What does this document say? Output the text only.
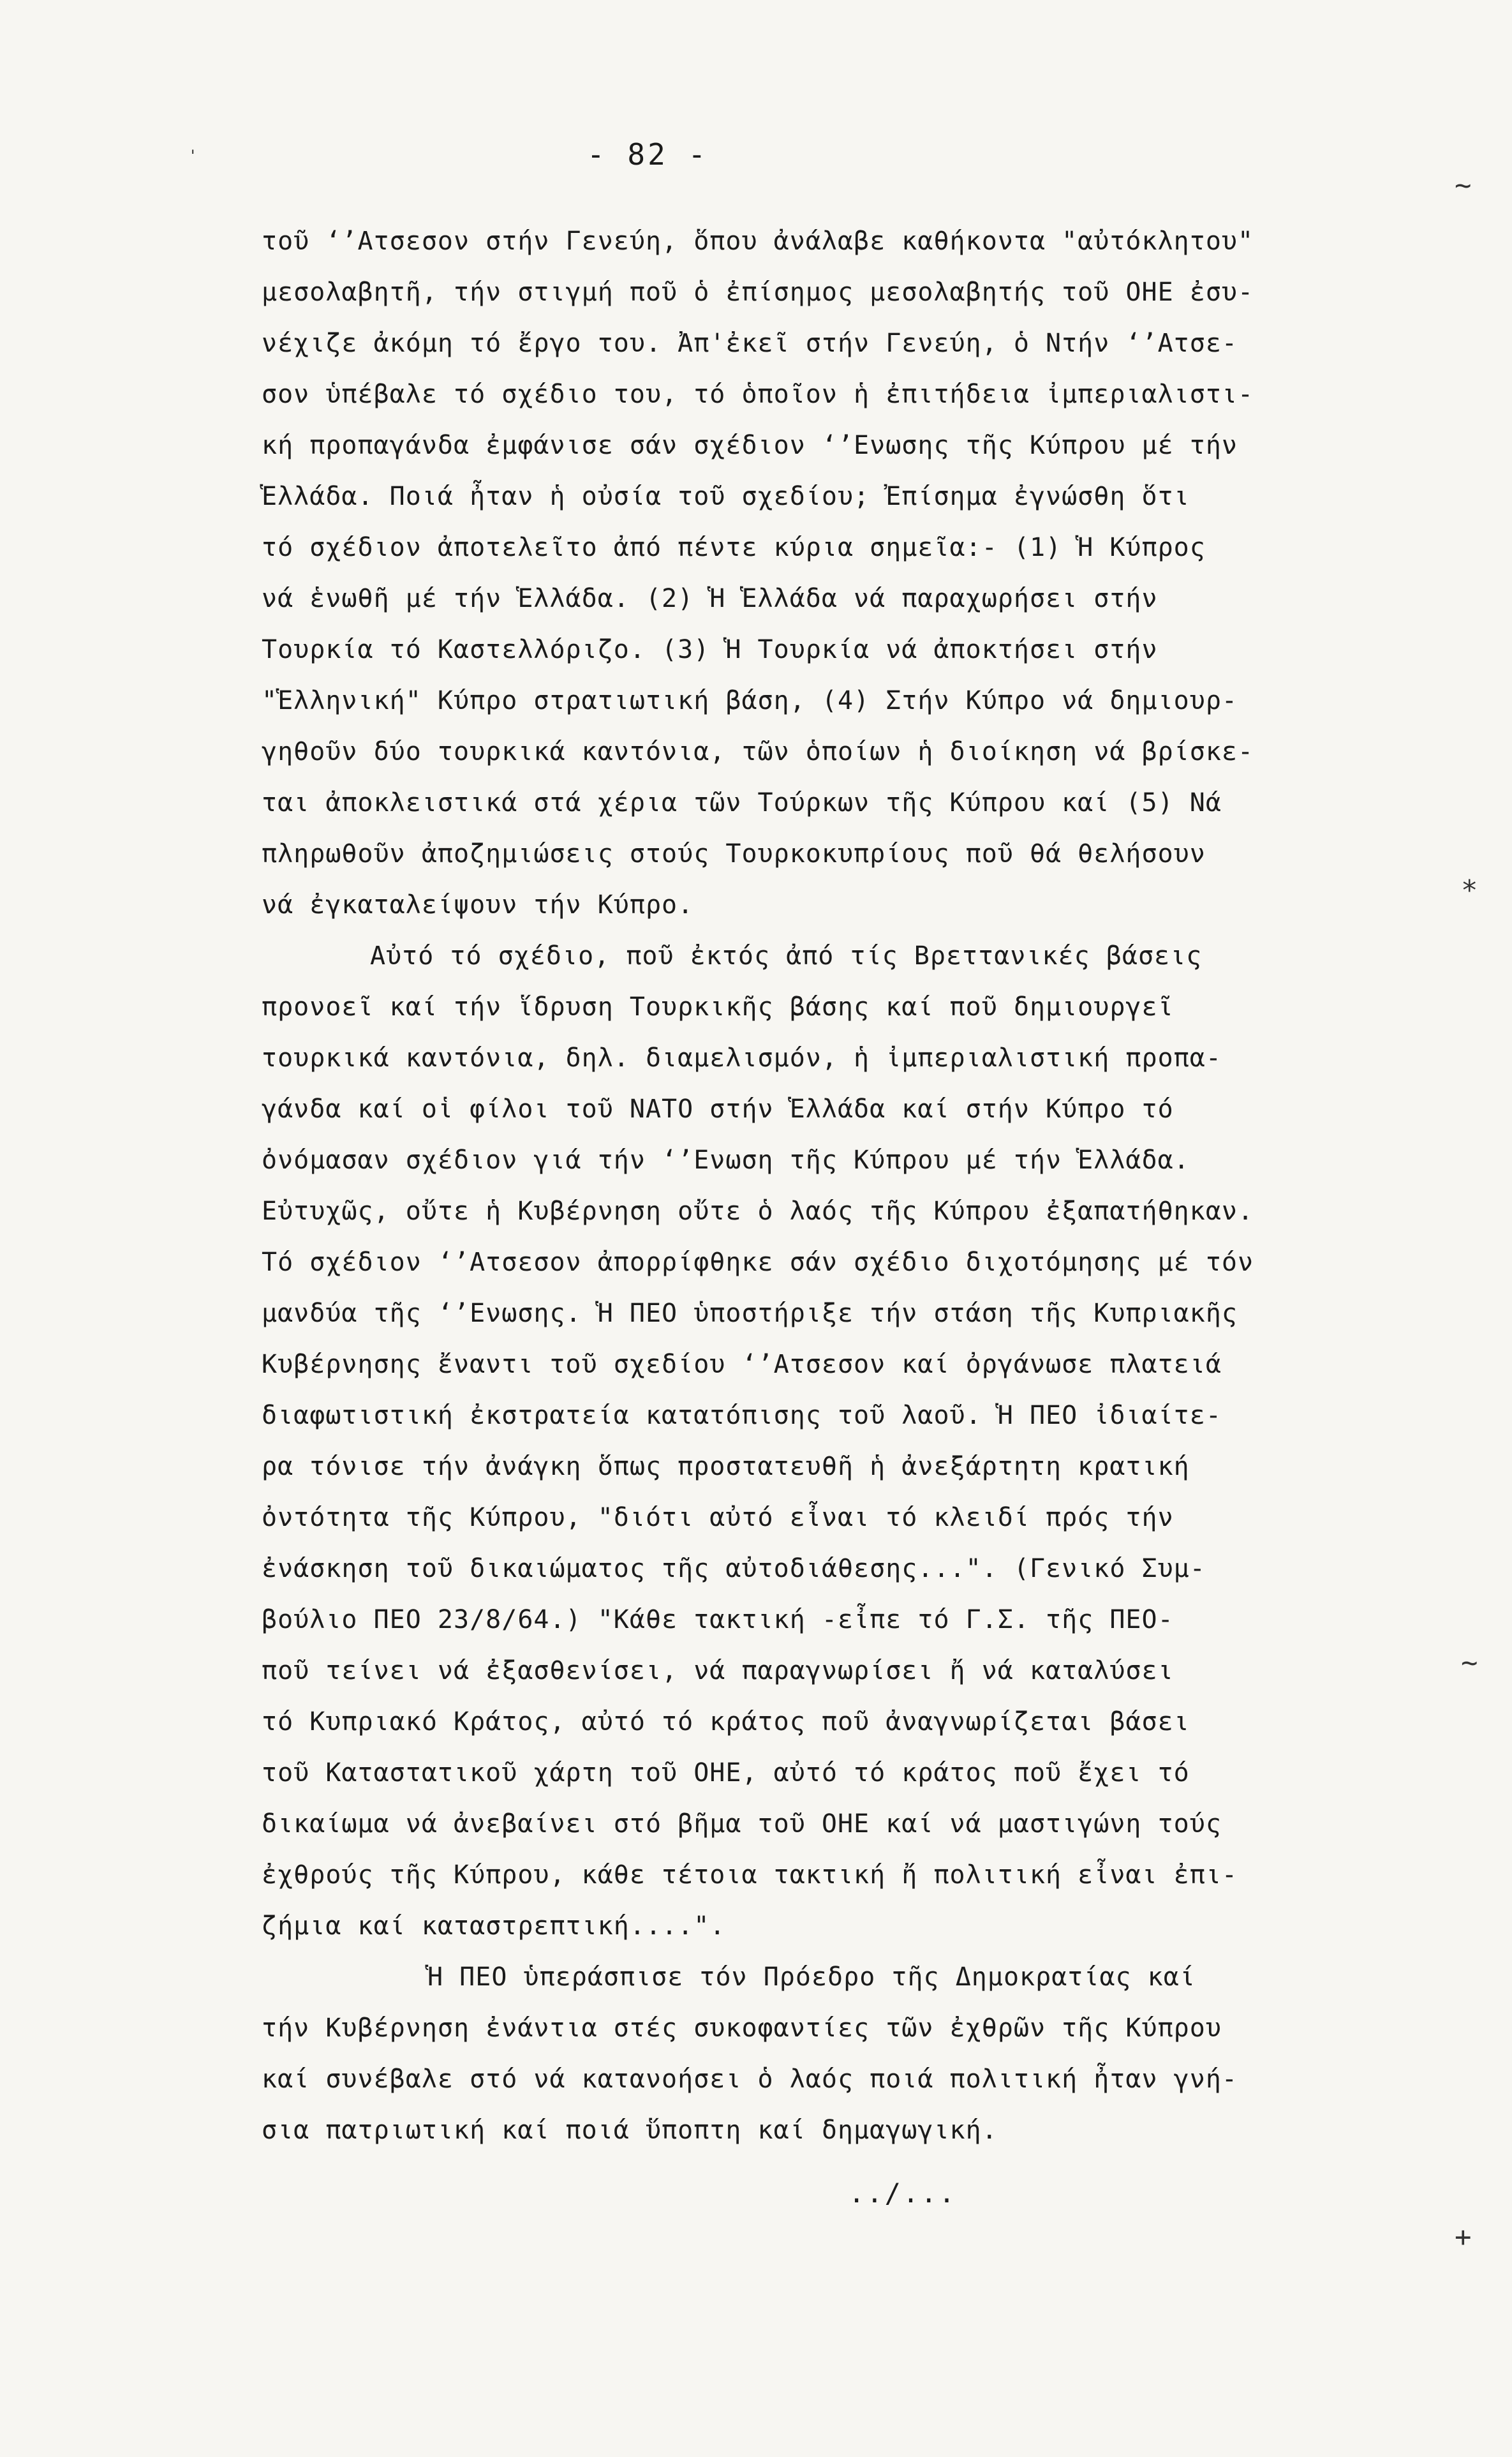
- 82 -
τοῦ ‘’Ατσεσον στήν Γενεύη, ὅπου ἀνάλαβε καθήκοντα "αὐτόκλητου"
μεσολαβητῆ, τήν στιγμή ποῦ ὁ ἐπίσημος μεσολαβητής τοῦ ΟΗΕ ἐσυ-
νέχιζε ἀκόμη τό ἔργο του. Ἀπ'ἐκεῖ στήν Γενεύη, ὁ Ντήν ‘’Ατσε-
σον ὑπέβαλε τό σχέδιο του, τό ὁποῖον ἡ ἐπιτήδεια ἰμπεριαλιστι-
κή προπαγάνδα ἐμφάνισε σάν σχέδιον ‘’Ενωσης τῆς Κύπρου μέ τήν
Ἑλλάδα. Ποιά ἦταν ἡ οὐσία τοῦ σχεδίου; Ἐπίσημα ἐγνώσθη ὅτι
τό σχέδιον ἀποτελεῖτο ἀπό πέντε κύρια σημεῖα:- (1) Ἡ Κύπρος
νά ἑνωθῆ μέ τήν Ἑλλάδα. (2) Ἡ Ἑλλάδα νά παραχωρήσει στήν
Τουρκία τό Καστελλόριζο. (3) Ἡ Τουρκία νά ἀποκτήσει στήν
"Ἑλληνική" Κύπρο στρατιωτική βάση, (4) Στήν Κύπρο νά δημιουρ-
γηθοῦν δύο τουρκικά καντόνια, τῶν ὁποίων ἡ διοίκηση νά βρίσκε-
ται ἀποκλειστικά στά χέρια τῶν Τούρκων τῆς Κύπρου καί (5) Νά
πληρωθοῦν ἀποζημιώσεις στούς Τουρκοκυπρίους ποῦ θά θελήσουν
νά ἐγκαταλείψουν τήν Κύπρο.
Αὐτό τό σχέδιο, ποῦ ἐκτός ἀπό τίς Βρεττανικές βάσεις
προνοεῖ καί τήν ἵδρυση Τουρκικῆς βάσης καί ποῦ δημιουργεῖ
τουρκικά καντόνια, δηλ. διαμελισμόν, ἡ ἰμπεριαλιστική προπα-
γάνδα καί οἱ φίλοι τοῦ ΝΑΤΟ στήν Ἑλλάδα καί στήν Κύπρο τό
ὀνόμασαν σχέδιον γιά τήν ‘’Ενωση τῆς Κύπρου μέ τήν Ἑλλάδα.
Εὐτυχῶς, οὔτε ἡ Κυβέρνηση οὔτε ὁ λαός τῆς Κύπρου ἐξαπατήθηκαν.
Τό σχέδιον ‘’Ατσεσον ἀπορρίφθηκε σάν σχέδιο διχοτόμησης μέ τόν
μανδύα τῆς ‘’Ενωσης. Ἡ ΠΕΟ ὑποστήριξε τήν στάση τῆς Κυπριακῆς
Κυβέρνησης ἔναντι τοῦ σχεδίου ‘’Ατσεσον καί ὀργάνωσε πλατειά
διαφωτιστική ἐκστρατεία κατατόπισης τοῦ λαοῦ. Ἡ ΠΕΟ ἰδιαίτε-
ρα τόνισε τήν ἀνάγκη ὅπως προστατευθῆ ἡ ἀνεξάρτητη κρατική
ὀντότητα τῆς Κύπρου, "διότι αὐτό εἶναι τό κλειδί πρός τήν
ἐνάσκηση τοῦ δικαιώματος τῆς αὐτοδιάθεσης...". (Γενικό Συμ-
βούλιο ΠΕΟ 23/8/64.) "Κάθε τακτική -εἶπε τό Γ.Σ. τῆς ΠΕΟ-
ποῦ τείνει νά ἐξασθενίσει, νά παραγνωρίσει ἤ νά καταλύσει
τό Κυπριακό Κράτος, αὐτό τό κράτος ποῦ ἀναγνωρίζεται βάσει
τοῦ Καταστατικοῦ χάρτη τοῦ ΟΗΕ, αὐτό τό κράτος ποῦ ἔχει τό
δικαίωμα νά ἀνεβαίνει στό βῆμα τοῦ ΟΗΕ καί νά μαστιγώνη τούς
ἐχθρούς τῆς Κύπρου, κάθε τέτοια τακτική ἤ πολιτική εἶναι ἐπι-
ζήμια καί καταστρεπτική....".
Ἡ ΠΕΟ ὑπεράσπισε τόν Πρόεδρο τῆς Δημοκρατίας καί
τήν Κυβέρνηση ἐνάντια στές συκοφαντίες τῶν ἐχθρῶν τῆς Κύπρου
καί συνέβαλε στό νά κατανοήσει ὁ λαός ποιά πολιτική ἦταν γνή-
σια πατριωτική καί ποιά ὕποπτη καί δημαγωγική.
../...
~
*
~
+
'
